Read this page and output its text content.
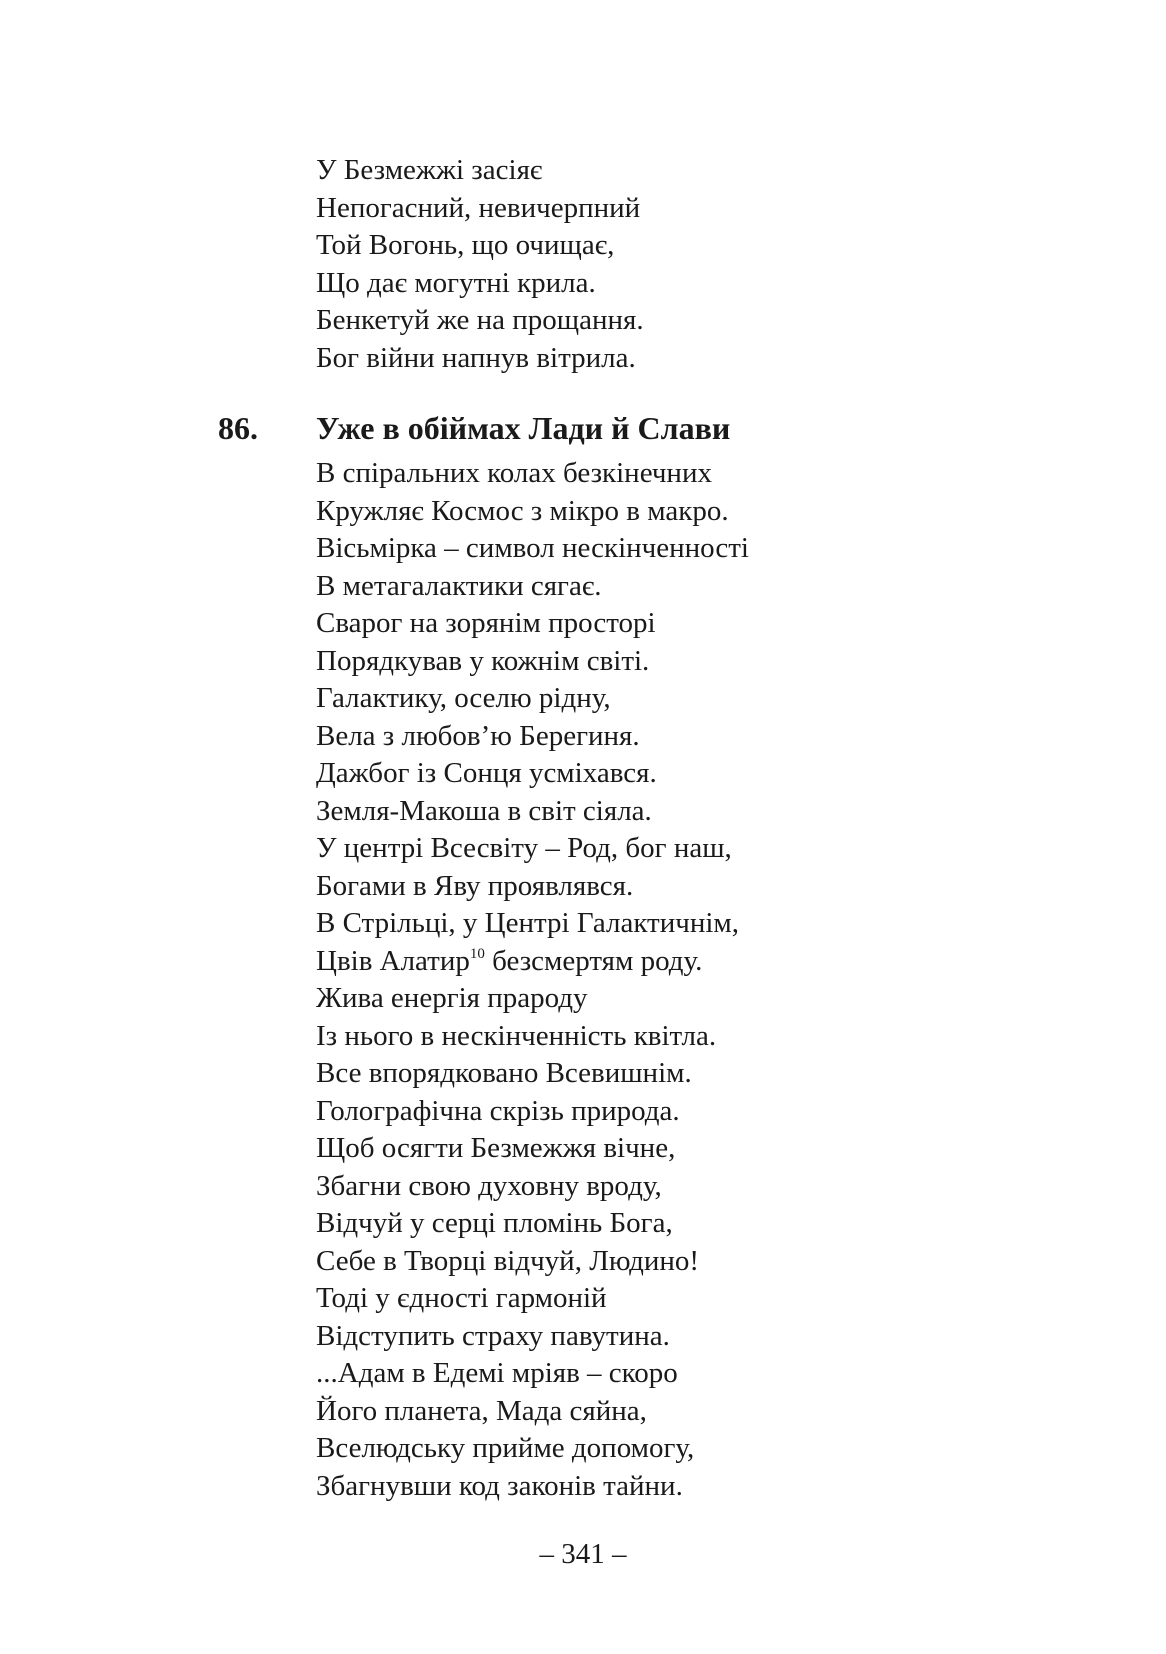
У Безмежжі засіяє
Непогасний, невичерпний
Той Вогонь, що очищає,
Що дає могутні крила.
Бенкетуй же на прощання.
Бог війни напнув вітрила.
86. Уже в обіймах Лади й Слави
В спіральних колах безкінечних
Кружляє Космос з мікро в макро.
Вісьмірка – символ нескінченності
В метагалактики сягає.
Сварог на зорянім просторі
Порядкував у кожнім світі.
Галактику, оселю рідну,
Вела з любов’ю Берегиня.
Дажбог із Сонця усміхався.
Земля-Макоша в світ сіяла.
У центрі Всесвіту – Род, бог наш,
Богами в Яву проявлявся.
В Стрільці, у Центрі Галактичнім,
Цвів Алатир$^{10}$ безсмертям роду.
Жива енергія прароду
Із нього в нескінченність квітла.
Все впорядковано Всевишнім.
Голографічна скрізь природа.
Щоб осягти Безмежжя вічне,
Збагни свою духовну вроду,
Відчуй у серці пломінь Бога,
Себе в Творці відчуй, Людино!
Тоді у єдності гармоній
Відступить страху павутина.
...Адам в Едемі мріяв – скоро
Його планета, Мада сяйна,
Вселюдську прийме допомогу,
Збагнувши код законів тайни.
– 341 –
